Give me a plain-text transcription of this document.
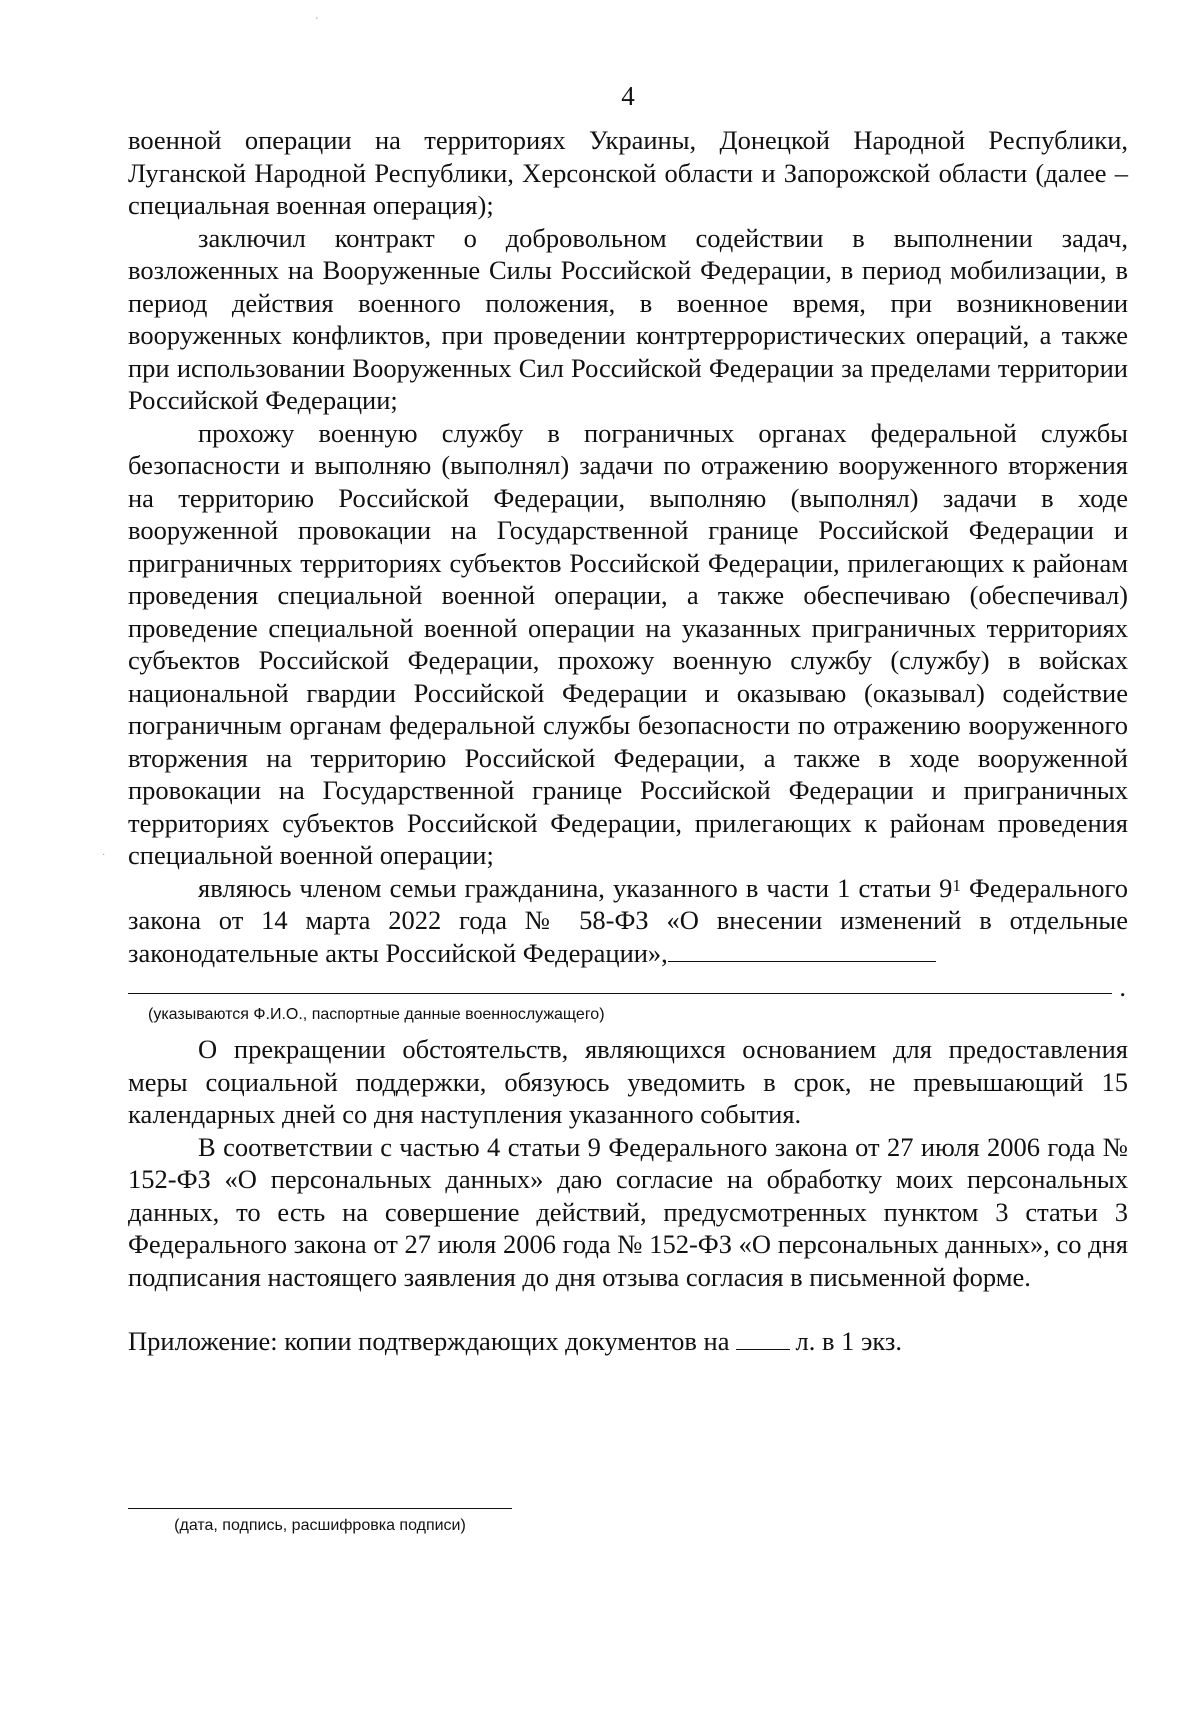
'
·
4

военной операции на территориях Украины, Донецкой Народной Республики, Луганской Народной Республики, Херсонской области и Запорожской области (далее – специальная военная операция);

заключил контракт о добровольном содействии в выполнении задач, возложенных на Вооруженные Силы Российской Федерации, в период мобилизации, в период действия военного положения, в военное время, при возникновении вооруженных конфликтов, при проведении контртеррористических операций, а также при использовании Вооруженных Сил Российской Федерации за пределами территории Российской Федерации;

прохожу военную службу в пограничных органах федеральной службы безопасности и выполняю (выполнял) задачи по отражению вооруженного вторжения на территорию Российской Федерации, выполняю (выполнял) задачи в ходе вооруженной провокации на Государственной границе Российской Федерации и приграничных территориях субъектов Российской Федерации, прилегающих к районам проведения специальной военной операции, а также обеспечиваю (обеспечивал) проведение специальной военной операции на указанных приграничных территориях субъектов Российской Федерации, прохожу военную службу (службу) в войсках национальной гвардии Российской Федерации и оказываю (оказывал) содействие пограничным органам федеральной службы безопасности по отражению вооруженного вторжения на территорию Российской Федерации, а также в ходе вооруженной провокации на Государственной границе Российской Федерации и приграничных территориях субъектов Российской Федерации, прилегающих к районам проведения специальной военной операции;

являюсь членом семьи гражданина, указанного в части 1 статьи $9^1$ Федерального закона от 14 марта 2022 года № 58-ФЗ «О внесении изменений в отдельные законодательные акты Российской Федерации»,

.

(указываются Ф.И.О., паспортные данные военнослужащего)

О прекращении обстоятельств, являющихся основанием для предоставления меры социальной поддержки, обязуюсь уведомить в срок, не превышающий 15 календарных дней со дня наступления указанного события.

В соответствии с частью 4 статьи 9 Федерального закона от 27 июля 2006 года № 152-ФЗ «О персональных данных» даю согласие на обработку моих персональных данных, то есть на совершение действий, предусмотренных пунктом 3 статьи 3 Федерального закона от 27 июля 2006 года № 152-ФЗ «О персональных данных», со дня подписания настоящего заявления до дня отзыва согласия в письменной форме.

Приложение: копии подтверждающих документов на л. в 1 экз.

(дата, подпись, расшифровка подписи)
